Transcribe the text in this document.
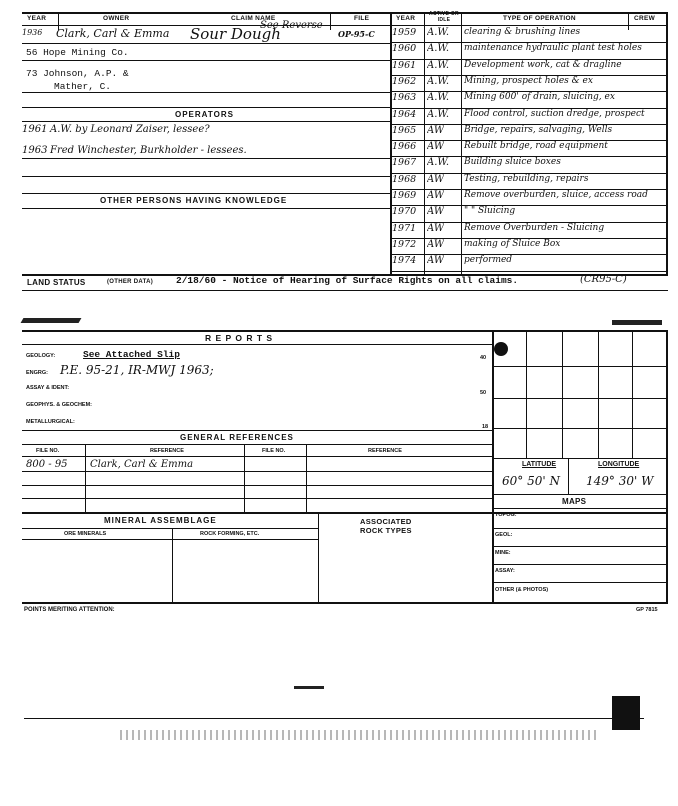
YEAR	OWNER	CLAIM NAME	FILE	YEAR
ACTIVE OR IDLE	TYPE OF OPERATION	CREW
1936 Clark, Carl & Emma Sour Dough
See Reverse
OP-95-C
56 Hope Mining Co.
73 Johnson, A.P. &
Mather, C.
OPERATORS
1961 A.W. by Leonard Zaiser, lessee?
1963 Fred Winchester, Burkholder - lessees.
OTHER PERSONS HAVING KNOWLEDGE
1959 A.W. clearing & brushing lines
1960 A.W. maintenance hydraulic plant test holes
1961 A.W. Development work, cat & dragline
1962 A.W. Mining, prospect holes & ex
1963 A.W. Mining 600' of drain, sluicing, ex
1964 A.W. Flood control, suction dredge, prospect
1965 AW Bridge, repairs, salvaging, Wells
1966 AW Rebuilt bridge, road equipment
1967 A.W. Building sluice boxes
1968 AW Testing, rebuilding, repairs
1969 AW Remove overburden, sluice, access road
1970 AW " " Sluicing
1971 AW Remove Overburden - Sluicing
1972 AW making of Sluice Box
1974 AW performed
LAND STATUS	(OTHER DATA) 2/18/60 - Notice of Hearing of Surface Rights on all claims.	(CR95-C)
R E P O R T S
GEOLOGY:	See Attached Slip	40
ENGRG: P.E. 95-21, IR-MWJ 1963;
ASSAY & IDENT:
50
GEOPHYS. & GEOCHEM:
METALLURGICAL:
18
GENERAL REFERENCES
FILE NO.	REFERENCE	FILE NO.	REFERENCE
800 - 95 Clark, Carl & Emma
MINERAL ASSEMBLAGE
ORE MINERALS	ROCK FORMING, ETC.
ASSOCIATED
ROCK TYPES
LATITUDE	LONGITUDE
60° 50' N 149° 30' W
MAPS
TOPOG:
GEOL:
MINE:
ASSAY:
OTHER (& PHOTOS)
POINTS MERITING ATTENTION:	GP 7815
